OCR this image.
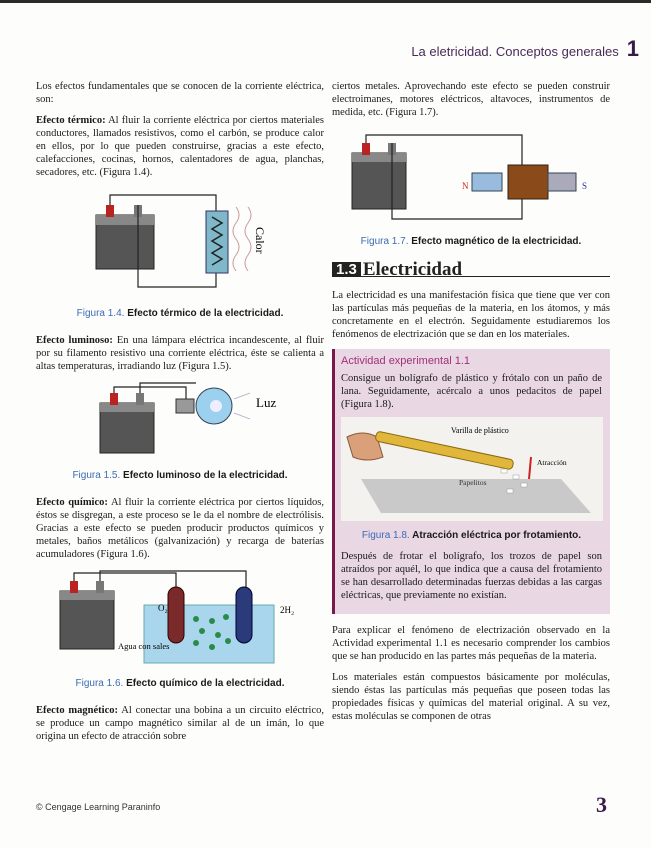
La eletricidad. Conceptos generales 1

Los efectos fundamentales que se conocen de la corriente eléctrica, son:

Efecto térmico: Al fluir la corriente eléctrica por ciertos materiales conductores, llamados resistivos, como el carbón, se produce calor en ellos, por lo que pueden construirse, gracias a este efecto, calefacciones, cocinas, hornos, calentadores de agua, planchas, secadores, etc. (Figura 1.4).

Calor
Figura 1.4. Efecto térmico de la electricidad.

Efecto luminoso: En una lámpara eléctrica incandescente, al fluir por su filamento resistivo una corriente eléctrica, éste se calienta a altas temperaturas, irradiando luz (Figura 1.5).

Luz
Figura 1.5. Efecto luminoso de la electricidad.

Efecto químico: Al fluir la corriente eléctrica por ciertos líquidos, éstos se disgregan, a este proceso se le da el nombre de electrólisis. Gracias a este efecto se pueden producir productos químicos y metales, baños metálicos (galvanización) y recarga de baterías acumuladores (Figura 1.6).

O₂	2H₂
Agua con sales
Figura 1.6. Efecto químico de la electricidad.

Efecto magnético: Al conectar una bobina a un circuito eléctrico, se produce un campo magnético similar al de un imán, lo que origina un efecto de atracción sobre

ciertos metales. Aprovechando este efecto se pueden construir electroimanes, motores eléctricos, altavoces, instrumentos de medida, etc. (Figura 1.7).

N	S
Figura 1.7. Efecto magnético de la electricidad.
1.3 Electricidad

La electricidad es una manifestación física que tiene que ver con las partículas más pequeñas de la materia, en los átomos, y más concretamente en el electrón. Seguidamente estudiaremos los fenómenos de electrización que se dan en los materiales.

Actividad experimental 1.1

Consigue un bolígrafo de plástico y frótalo con un paño de lana. Seguidamente, acércalo a unos pedacitos de papel (Figura 1.8).

Varilla de plástico
Atracción
Papelitos
Figura 1.8. Atracción eléctrica por frotamiento.

Después de frotar el bolígrafo, los trozos de papel son atraídos por aquél, lo que indica que a causa del frotamiento se han desarrollado determinadas fuerzas debidas a las cargas eléctricas, que previamente no existían.

Para explicar el fenómeno de electrización observado en la Actividad experimental 1.1 es necesario comprender los cambios que se han producido en las partes más pequeñas de la materia.

Los materiales están compuestos básicamente por moléculas, siendo éstas las partículas más pequeñas que poseen todas las propiedades físicas y químicas del material original. A su vez, estas moléculas se componen de otras

© Cengage Learning Paraninfo	3
